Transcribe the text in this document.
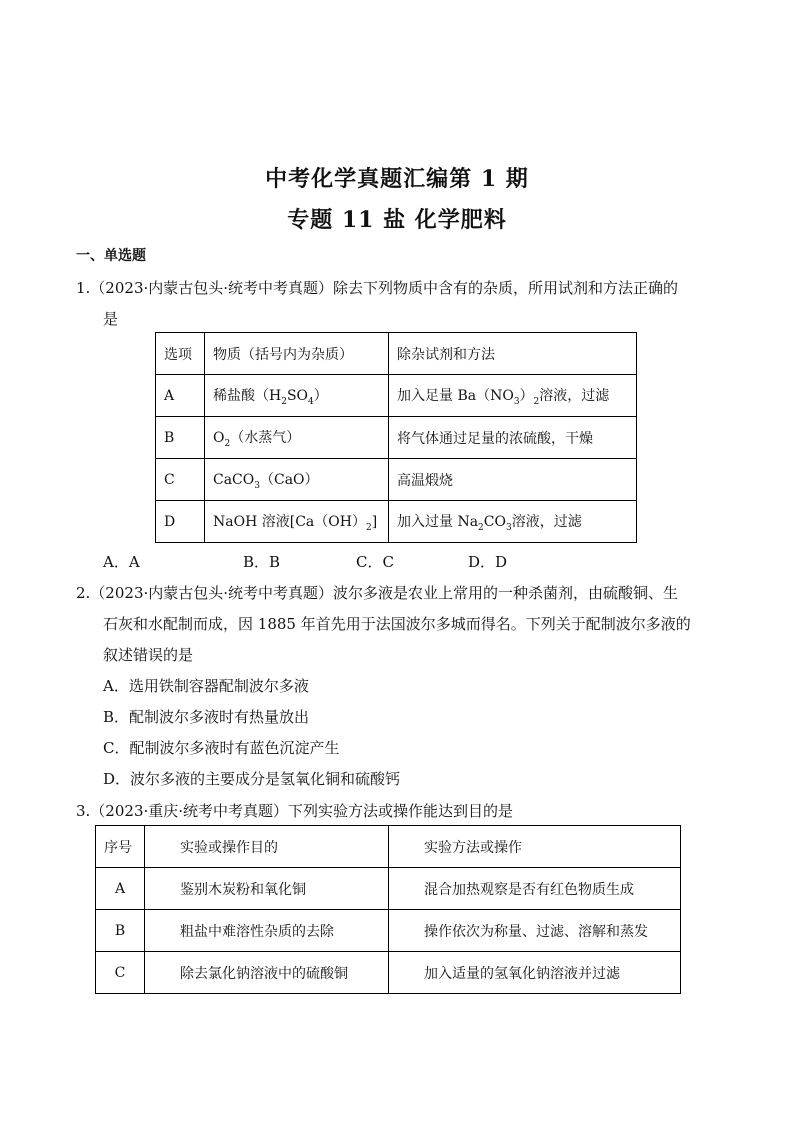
中考化学真题汇编第 1 期
专题 11 盐 化学肥料
一、单选题
1.（2023·内蒙古包头·统考中考真题）除去下列物质中含有的杂质，所用试剂和方法正确的
是
选项	物质（括号内为杂质）	除杂试剂和方法
A	稀盐酸$(H_2SO_4)$	加入足量 $Ba(NO_3)_2$溶液，过滤
B	$O_2$（水蒸气）	将气体通过足量的浓硫酸，干燥
C	CaCO$_3$（CaO）	高温煅烧
D	NaOH 溶液$[Ca(OH)_2]$	加入过量 $Na_2CO_3$溶液，过滤
A．A	B．B	C．C	D．D
2.（2023·内蒙古包头·统考中考真题）波尔多液是农业上常用的一种杀菌剂，由硫酸铜、生
石灰和水配制而成，因 1885 年首先用于法国波尔多城而得名。下列关于配制波尔多液的
叙述错误的是
A．选用铁制容器配制波尔多液
B．配制波尔多液时有热量放出
C．配制波尔多液时有蓝色沉淀产生
D．波尔多液的主要成分是氢氧化铜和硫酸钙
3.（2023·重庆·统考中考真题）下列实验方法或操作能达到目的是
序号	实验或操作目的	实验方法或操作
A	鉴别木炭粉和氧化铜	混合加热观察是否有红色物质生成
B	粗盐中难溶性杂质的去除	操作依次为称量、过滤、溶解和蒸发
C	除去氯化钠溶液中的硫酸铜	加入适量的氢氧化钠溶液并过滤
